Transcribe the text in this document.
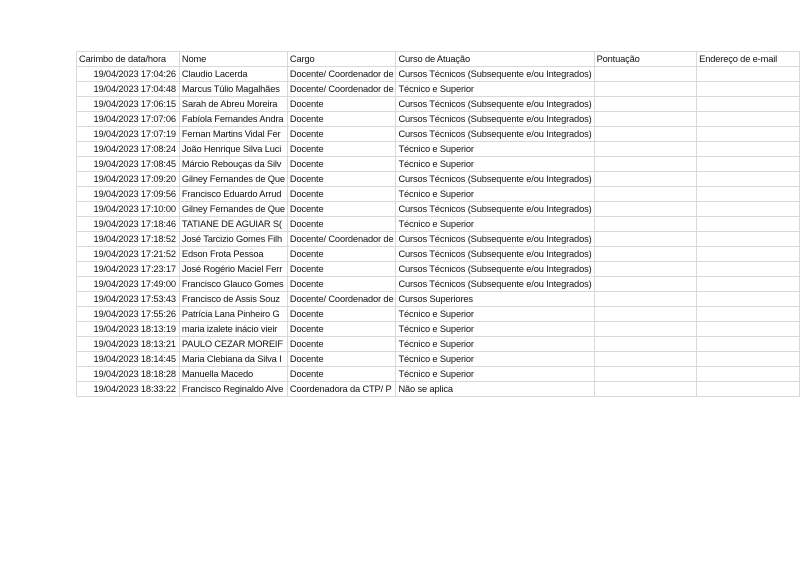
Carimbo de data/hora	Nome	Cargo	Curso de Atuação	Pontuação	Endereço de e-mail
19/04/2023 17:04:26	Claudio Lacerda	Docente/ Coordenador de	Cursos Técnicos (Subsequente e/ou Integrados)		
19/04/2023 17:04:48	Marcus Túlio Magalhães	Docente/ Coordenador de	Técnico e Superior		
19/04/2023 17:06:15	Sarah de Abreu Moreira	Docente	Cursos Técnicos (Subsequente e/ou Integrados)		
19/04/2023 17:07:06	Fabíola Fernandes Andra	Docente	Cursos Técnicos (Subsequente e/ou Integrados)		
19/04/2023 17:07:19	Fernan Martins Vidal Fer	Docente	Cursos Técnicos (Subsequente e/ou Integrados)		
19/04/2023 17:08:24	João Henrique Silva Luci	Docente	Técnico e Superior		
19/04/2023 17:08:45	Márcio Rebouças da Silv	Docente	Técnico e Superior		
19/04/2023 17:09:20	Gilney Fernandes de Que	Docente	Cursos Técnicos (Subsequente e/ou Integrados)		
19/04/2023 17:09:56	Francisco Eduardo Arrud	Docente	Técnico e Superior		
19/04/2023 17:10:00	Gilney Fernandes de Que	Docente	Cursos Técnicos (Subsequente e/ou Integrados)		
19/04/2023 17:18:46	TATIANE DE AGUIAR S(	Docente	Técnico e Superior		
19/04/2023 17:18:52	José Tarcizio Gomes Filh	Docente/ Coordenador de	Cursos Técnicos (Subsequente e/ou Integrados)		
19/04/2023 17:21:52	Edson Frota Pessoa	Docente	Cursos Técnicos (Subsequente e/ou Integrados)		
19/04/2023 17:23:17	José Rogério Maciel Ferr	Docente	Cursos Técnicos (Subsequente e/ou Integrados)		
19/04/2023 17:49:00	Francisco Glauco Gomes	Docente	Cursos Técnicos (Subsequente e/ou Integrados)		
19/04/2023 17:53:43	Francisco de Assis Souz	Docente/ Coordenador de	Cursos Superiores		
19/04/2023 17:55:26	Patrícia Lana Pinheiro G	Docente	Técnico e Superior		
19/04/2023 18:13:19	maria izalete inácio vieir	Docente	Técnico e Superior		
19/04/2023 18:13:21	PAULO CEZAR MOREIF	Docente	Técnico e Superior		
19/04/2023 18:14:45	Maria Clebiana da Silva I	Docente	Técnico e Superior		
19/04/2023 18:18:28	Manuella Macedo	Docente	Técnico e Superior		
19/04/2023 18:33:22	Francisco Reginaldo Alve	Coordenadora da CTP/ P	Não se aplica		
